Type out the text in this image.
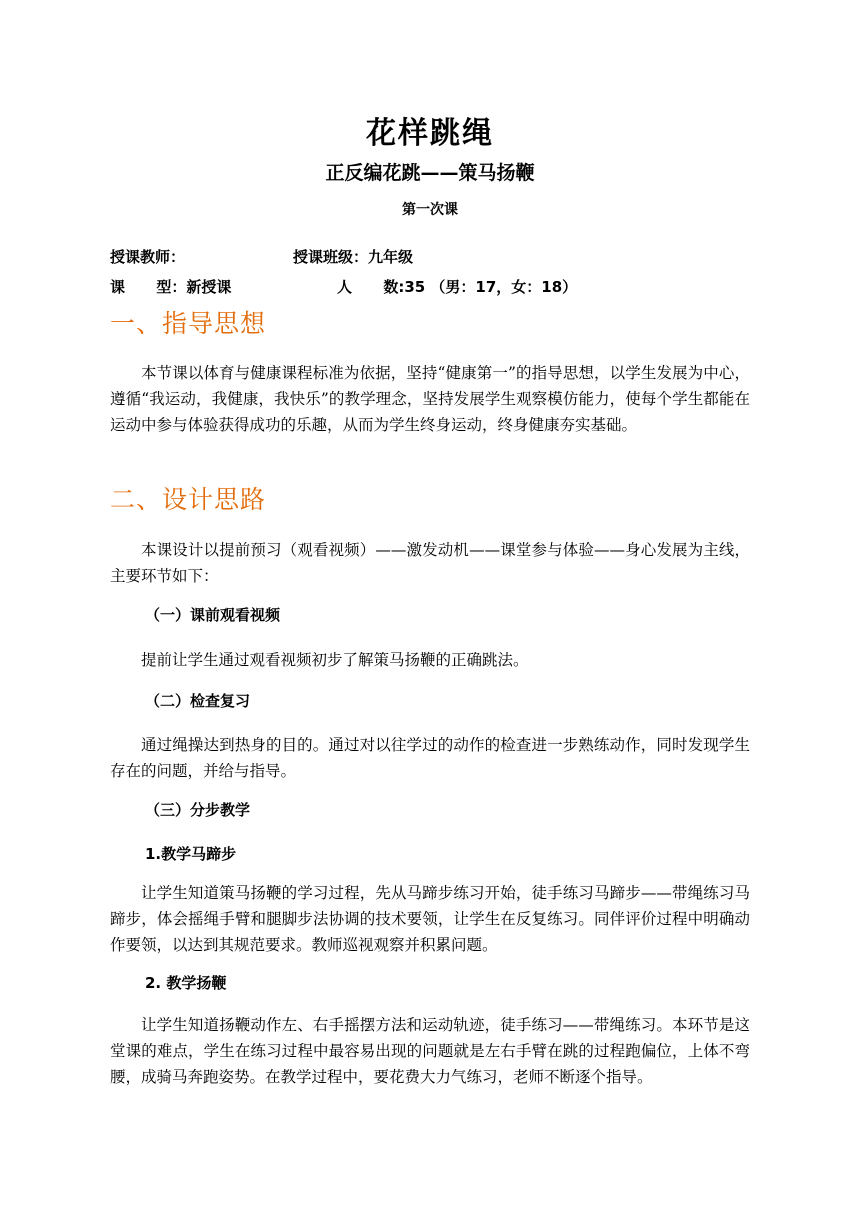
花样跳绳
正反编花跳——策马扬鞭
第一次课
授课教师：	授课班级：九年级
课      型：新授课	人      数:35 （男：17，女：18）
一、指导思想
本节课以体育与健康课程标准为依据，坚持“健康第一”的指导思想，以学生发展为中心，遵循“我运动，我健康，我快乐”的教学理念，坚持发展学生观察模仿能力，使每个学生都能在运动中参与体验获得成功的乐趣，从而为学生终身运动，终身健康夯实基础。
二、设计思路
本课设计以提前预习（观看视频）——激发动机——课堂参与体验——身心发展为主线，主要环节如下：
（一）课前观看视频
提前让学生通过观看视频初步了解策马扬鞭的正确跳法。
（二）检查复习
通过绳操达到热身的目的。通过对以往学过的动作的检查进一步熟练动作，同时发现学生存在的问题，并给与指导。
（三）分步教学
1.教学马蹄步
让学生知道策马扬鞭的学习过程，先从马蹄步练习开始，徒手练习马蹄步——带绳练习马蹄步，体会摇绳手臂和腿脚步法协调的技术要领，让学生在反复练习。同伴评价过程中明确动作要领，以达到其规范要求。教师巡视观察并积累问题。
2. 教学扬鞭
让学生知道扬鞭动作左、右手摇摆方法和运动轨迹，徒手练习——带绳练习。本环节是这堂课的难点，学生在练习过程中最容易出现的问题就是左右手臂在跳的过程跑偏位，上体不弯腰，成骑马奔跑姿势。在教学过程中，要花费大力气练习，老师不断逐个指导。
